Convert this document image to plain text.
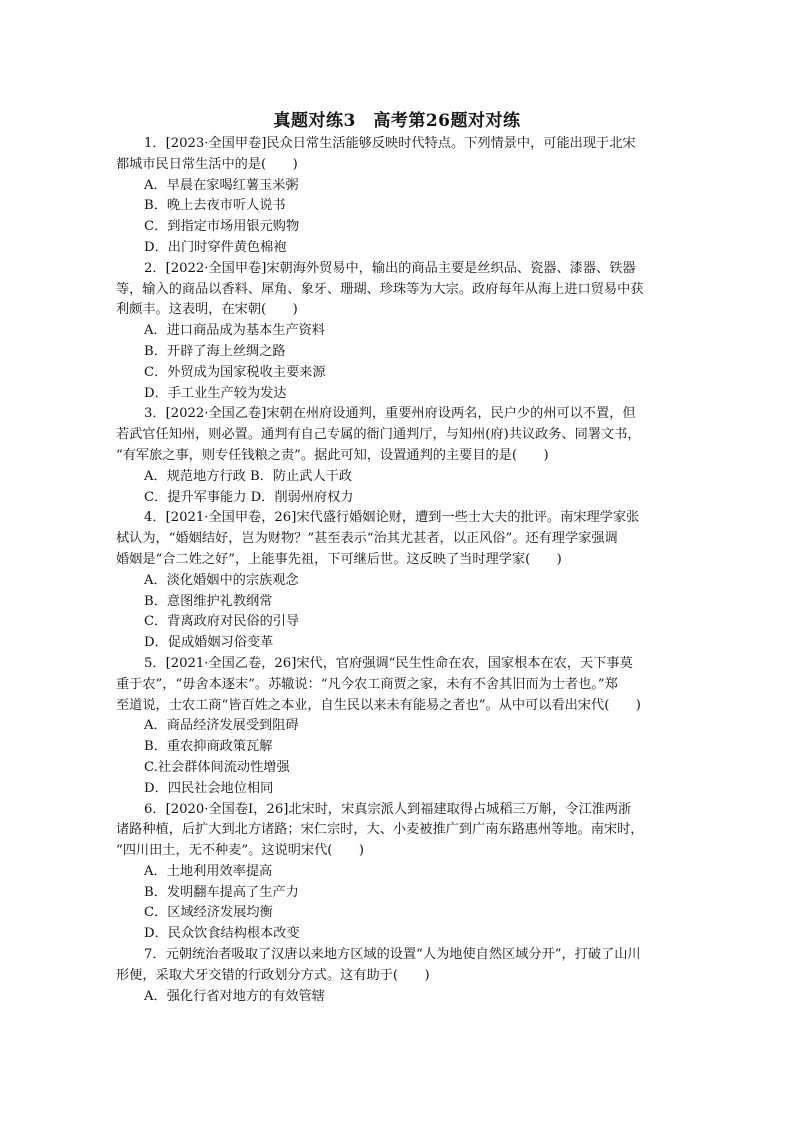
真题对练3　高考第26题对对练
1．[2023·全国甲卷]民众日常生活能够反映时代特点。下列情景中，可能出现于北宋
都城市民日常生活中的是(　　)
A．早晨在家喝红薯玉米粥
B．晚上去夜市听人说书
C．到指定市场用银元购物
D．出门时穿件黄色棉袍
2．[2022·全国甲卷]宋朝海外贸易中，输出的商品主要是丝织品、瓷器、漆器、铁器
等，输入的商品以香料、犀角、象牙、珊瑚、珍珠等为大宗。政府每年从海上进口贸易中获
利颇丰。这表明，在宋朝(　　)
A．进口商品成为基本生产资料
B．开辟了海上丝绸之路
C．外贸成为国家税收主要来源
D．手工业生产较为发达
3．[2022·全国乙卷]宋朝在州府设通判，重要州府设两名，民户少的州可以不置，但
若武官任知州，则必置。通判有自己专属的衙门通判厅，与知州(府)共议政务、同署文书，
“有军旅之事，则专任钱粮之责”。据此可知，设置通判的主要目的是(　　)
A．规范地方行政 B．防止武人干政
C．提升军事能力 D．削弱州府权力
4．[2021·全国甲卷，26]宋代盛行婚姻论财，遭到一些士大夫的批评。南宋理学家张
栻认为，“婚姻结好，岂为财物？”甚至表示“治其尤甚者，以正风俗”。还有理学家强调
婚姻是“合二姓之好”，上能事先祖，下可继后世。这反映了当时理学家(　　)
A．淡化婚姻中的宗族观念
B．意图维护礼教纲常
C．背离政府对民俗的引导
D．促成婚姻习俗变革
5．[2021·全国乙卷，26]宋代，官府强调“民生性命在农，国家根本在农，天下事莫
重于农”，“毋舍本逐末”。苏辙说：“凡今农工商贾之家，未有不舍其旧而为士者也。”郑
至道说，士农工商“皆百姓之本业，自生民以来未有能易之者也”。从中可以看出宋代(　　)
A．商品经济发展受到阻碍
B．重农抑商政策瓦解
C.社会群体间流动性增强
D．四民社会地位相同
6．[2020·全国卷Ⅰ，26]北宋时，宋真宗派人到福建取得占城稻三万斛，令江淮两浙
诸路种植，后扩大到北方诸路；宋仁宗时，大、小麦被推广到广南东路惠州等地。南宋时，
“四川田土，无不种麦”。这说明宋代(　　)
A．土地利用效率提高
B．发明翻车提高了生产力
C．区域经济发展均衡
D．民众饮食结构根本改变
7．元朝统治者吸取了汉唐以来地方区域的设置“人为地使自然区域分开”，打破了山川
形便，采取犬牙交错的行政划分方式。这有助于(　　)
A．强化行省对地方的有效管辖
